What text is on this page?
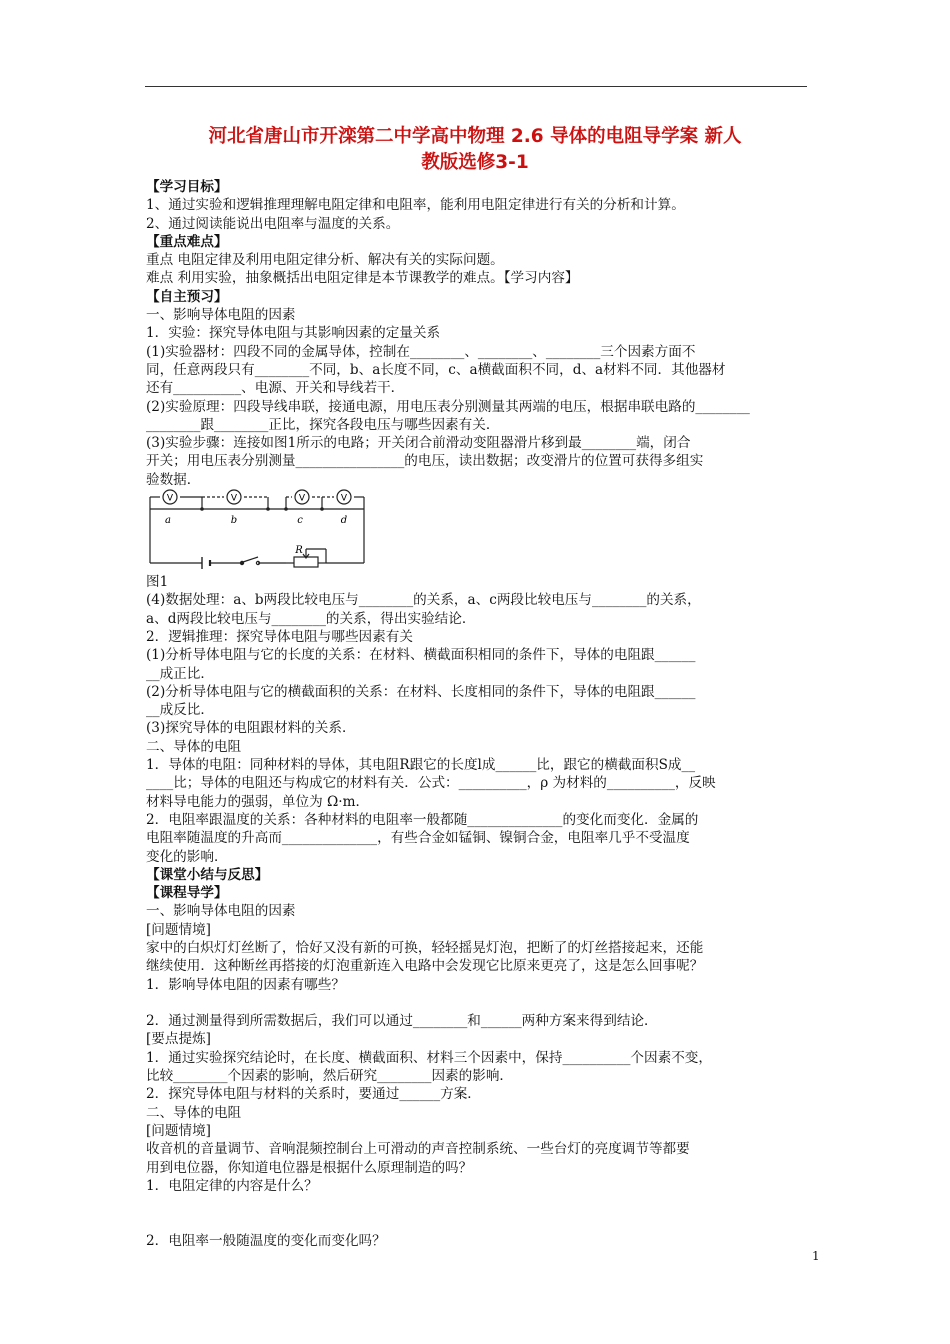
河北省唐山市开滦第二中学高中物理 2.6 导体的电阻导学案 新人
教版选修3-1
【学习目标】
1、通过实验和逻辑推理理解电阻定律和电阻率，能利用电阻定律进行有关的分析和计算。
2、通过阅读能说出电阻率与温度的关系。
【重点难点】
重点 电阻定律及利用电阻定律分析、解决有关的实际问题。
难点 利用实验，抽象概括出电阻定律是本节课教学的难点。【学习内容】
【自主预习】
一、影响导体电阻的因素
1．实验：探究导体电阻与其影响因素的定量关系
(1)实验器材：四段不同的金属导体，控制在________、________、________三个因素方面不
同，任意两段只有________不同，b、a长度不同，c、a横截面积不同，d、a材料不同．其他器材
还有__________、电源、开关和导线若干．
(2)实验原理：四段导线串联，接通电源，用电压表分别测量其两端的电压，根据串联电路的________
________跟________正比，探究各段电压与哪些因素有关．
(3)实验步骤：连接如图1所示的电路；开关闭合前滑动变阻器滑片移到最________端，闭合
开关；用电压表分别测量________________的电压，读出数据；改变滑片的位置可获得多组实
验数据．
V	V	V	V
a	b	c	d
R
图1
(4)数据处理：a、b两段比较电压与________的关系，a、c两段比较电压与________的关系，
a、d两段比较电压与________的关系，得出实验结论．
2．逻辑推理：探究导体电阻与哪些因素有关
(1)分析导体电阻与它的长度的关系：在材料、横截面积相同的条件下，导体的电阻跟______
__成正比．
(2)分析导体电阻与它的横截面积的关系：在材料、长度相同的条件下，导体的电阻跟______
__成反比．
(3)探究导体的电阻跟材料的关系．
二、导体的电阻
1．导体的电阻：同种材料的导体，其电阻R跟它的长度l成______比，跟它的横截面积S成__
____比；导体的电阻还与构成它的材料有关．公式：__________，ρ 为材料的__________，反映
材料导电能力的强弱，单位为 Ω·m．
2．电阻率跟温度的关系：各种材料的电阻率一般都随______________的变化而变化．金属的
电阻率随温度的升高而______________，有些合金如锰铜、镍铜合金，电阻率几乎不受温度
变化的影响．
【课堂小结与反思】
【课程导学】
一、影响导体电阻的因素
[问题情境]
家中的白炽灯灯丝断了，恰好又没有新的可换，轻轻摇晃灯泡，把断了的灯丝搭接起来，还能
继续使用．这种断丝再搭接的灯泡重新连入电路中会发现它比原来更亮了，这是怎么回事呢？
1．影响导体电阻的因素有哪些？
2．通过测量得到所需数据后，我们可以通过________和______两种方案来得到结论．
[要点提炼]
1．通过实验探究结论时，在长度、横截面积、材料三个因素中，保持__________个因素不变，
比较________个因素的影响，然后研究________因素的影响．
2．探究导体电阻与材料的关系时，要通过______方案．
二、导体的电阻
[问题情境]
收音机的音量调节、音响混频控制台上可滑动的声音控制系统、一些台灯的亮度调节等都要
用到电位器，你知道电位器是根据什么原理制造的吗？
1．电阻定律的内容是什么？
2．电阻率一般随温度的变化而变化吗？
1
